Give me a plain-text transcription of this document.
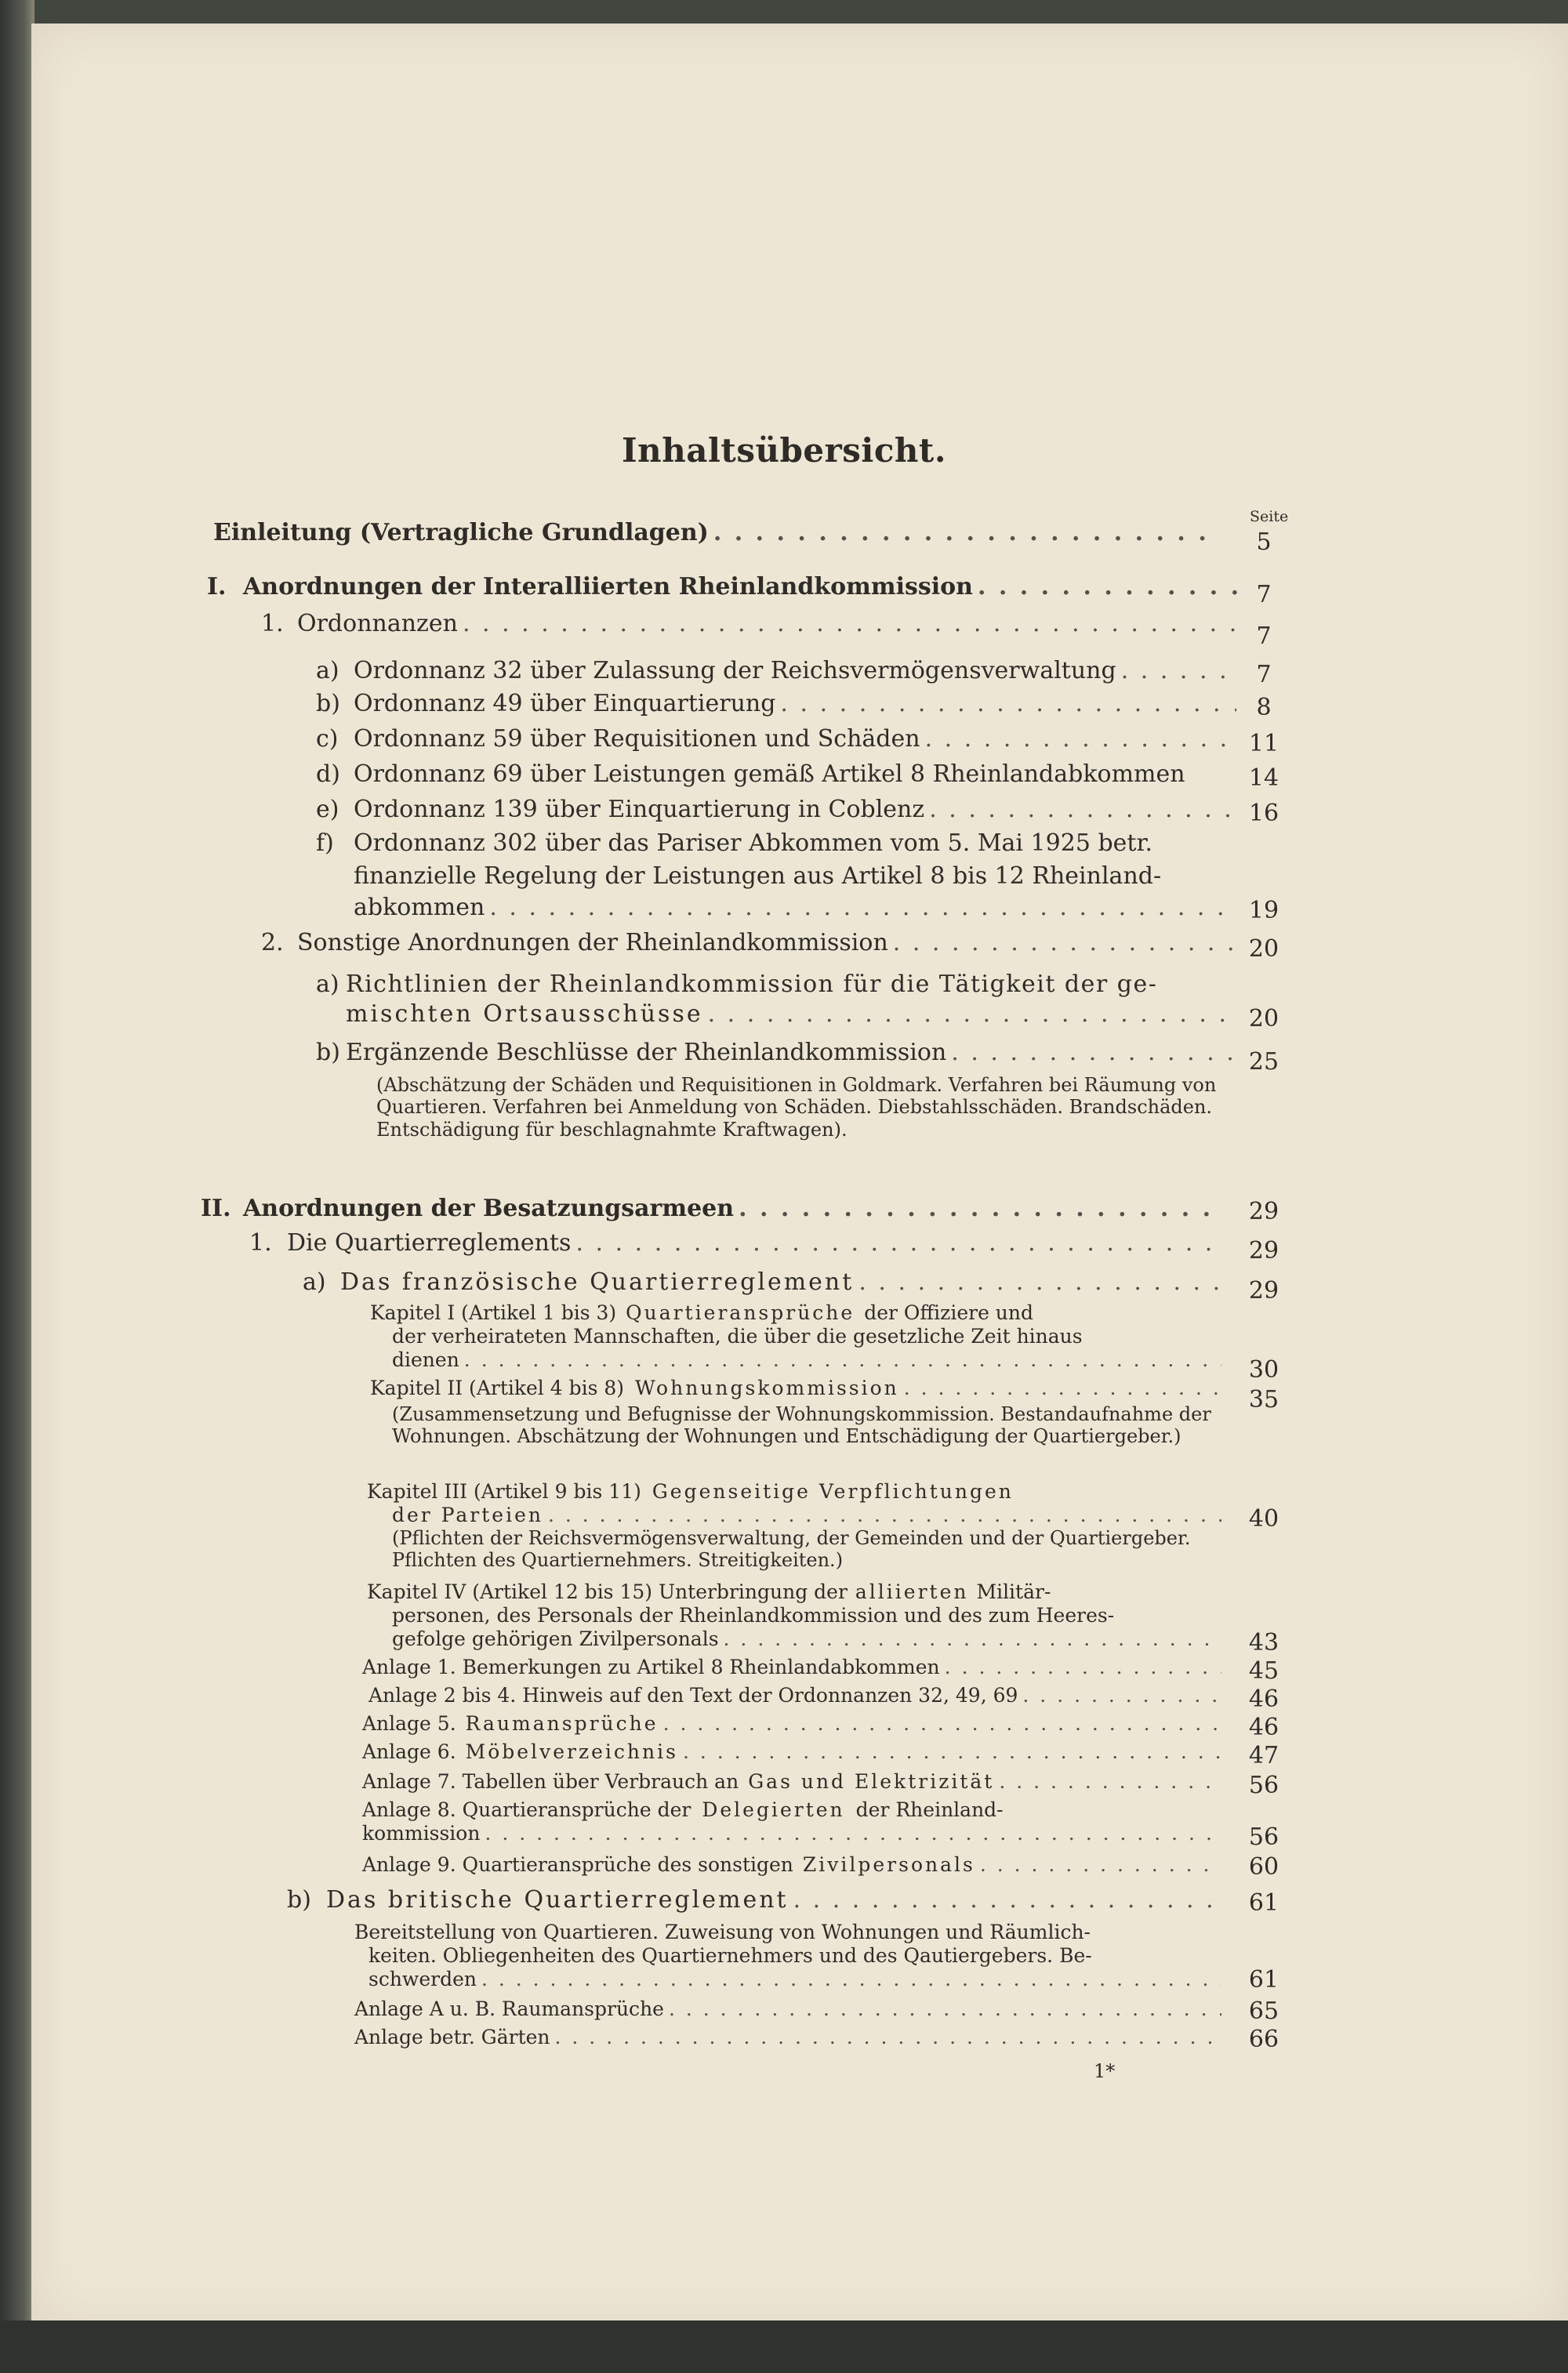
Inhaltsübersicht.
Seite
Einleitung (Vertragliche Grundlagen) . . .	5
I. Anordnungen der Interalliierten Rheinlandkommission . . .	7
1. Ordonnanzen . . .	7
a) Ordonnanz 32 über Zulassung der Reichsvermögensverwaltung . . .	7
b) Ordonnanz 49 über Einquartierung . . .	8
c) Ordonnanz 59 über Requisitionen und Schäden . . .	11
d) Ordonnanz 69 über Leistungen gemäß Artikel 8 Rheinlandabkommen	14
e) Ordonnanz 139 über Einquartierung in Coblenz . . .	16
f) Ordonnanz 302 über das Pariser Abkommen vom 5. Mai 1925 betr.
finanzielle Regelung der Leistungen aus Artikel 8 bis 12 Rheinland-
abkommen . . .	19
2. Sonstige Anordnungen der Rheinlandkommission . . .	20
a) Richtlinien der Rheinlandkommission für die Tätigkeit der ge-
mischten Ortsausschüsse . . .	20
b) Ergänzende Beschlüsse der Rheinlandkommission . . .	25
(Abschätzung der Schäden und Requisitionen in Goldmark. Verfahren bei Räumung von Quartieren. Verfahren bei Anmeldung von Schäden. Diebstahlsschäden. Brandschäden. Entschädigung für beschlagnahmte Kraftwagen).
II. Anordnungen der Besatzungsarmeen . . .	29
1. Die Quartierreglements . . .	29
a) Das französische Quartierreglement . . .	29
Kapitel I (Artikel 1 bis 3) Quartieransprüche der Offiziere und
der verheirateten Mannschaften, die über die gesetzliche Zeit hinaus
dienen . . .	30
Kapitel II (Artikel 4 bis 8) Wohnungskommission . . .	35
(Zusammensetzung und Befugnisse der Wohnungskommission. Bestandaufnahme der Wohnungen. Abschätzung der Wohnungen und Entschädigung der Quartiergeber.)
Kapitel III (Artikel 9 bis 11) Gegenseitige Verpflichtungen
der Parteien . . .	40
(Pflichten der Reichsvermögensverwaltung, der Gemeinden und der Quartiergeber. Pflichten des Quartiernehmers. Streitigkeiten.)
Kapitel IV (Artikel 12 bis 15) Unterbringung der alliierten Militär-
personen, des Personals der Rheinlandkommission und des zum Heeres-
gefolge gehörigen Zivilpersonals . . .	43
Anlage 1. Bemerkungen zu Artikel 8 Rheinlandabkommen . . .	45
Anlage 2 bis 4. Hinweis auf den Text der Ordonnanzen 32, 49, 69 . . .	46
Anlage 5. Raumansprüche . . .	46
Anlage 6. Möbelverzeichnis . . .	47
Anlage 7. Tabellen über Verbrauch an Gas und Elektrizität . . .	56
Anlage 8. Quartieransprüche der Delegierten der Rheinland-
kommission . . .	56
Anlage 9. Quartieransprüche des sonstigen Zivilpersonals . . .	60
b) Das britische Quartierreglement . . .	61
Bereitstellung von Quartieren. Zuweisung von Wohnungen und Räumlich-
keiten. Obliegenheiten des Quartiernehmers und des Qautiergebers. Be-
schwerden . . .	61
Anlage A u. B. Raumansprüche . . .	65
Anlage betr. Gärten . . .	66
1*
